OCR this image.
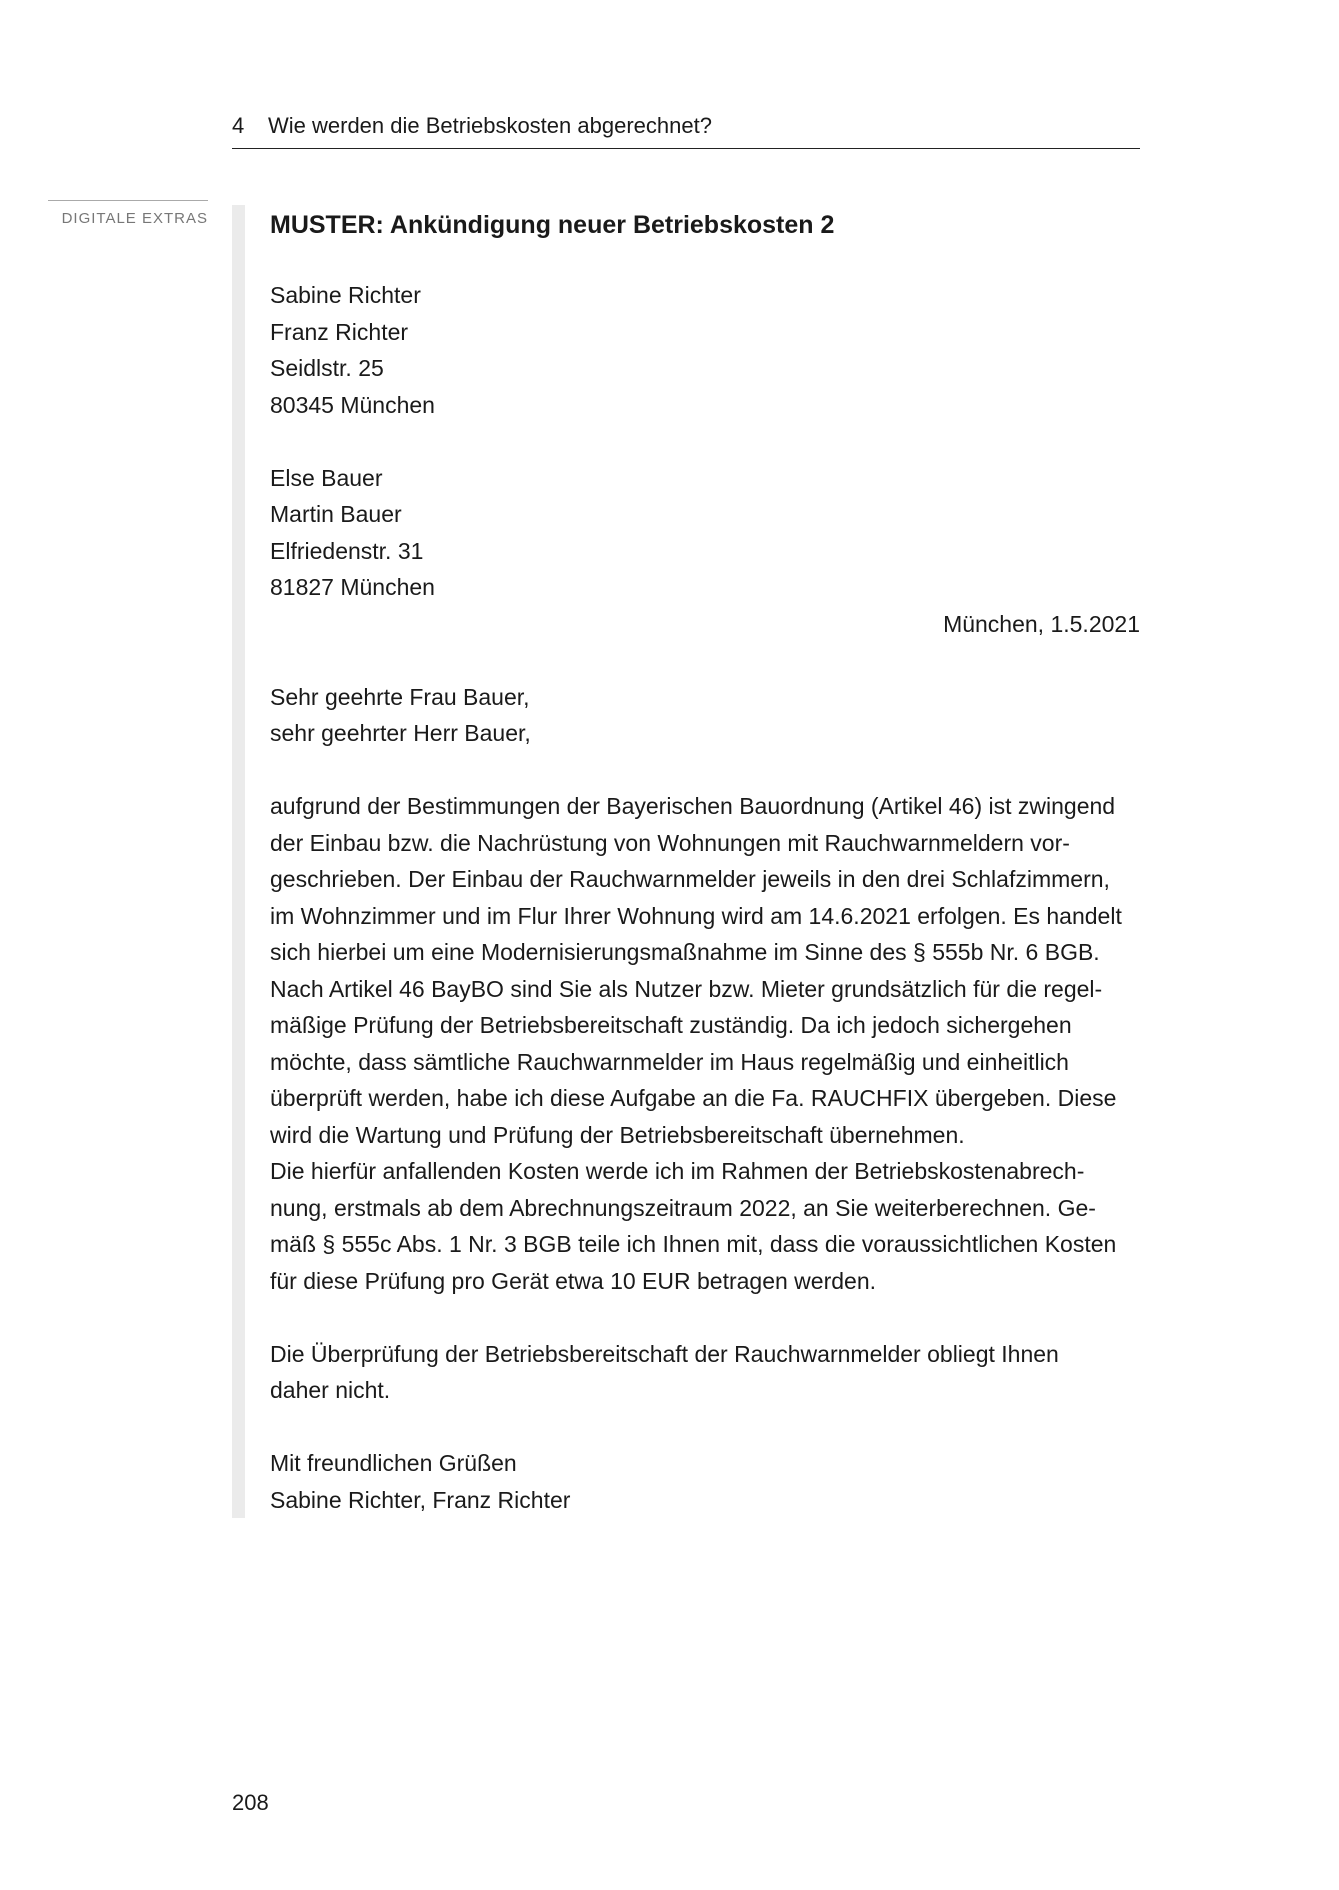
4 Wie werden die Betriebskosten abgerechnet?
DIGITALE EXTRAS MUSTER: Ankündigung neuer Betriebskosten 2
Sabine Richter
Franz Richter
Seidlstr. 25
80345 München
Else Bauer
Martin Bauer
Elfriedenstr. 31
81827 München
München, 1.5.2021
Sehr geehrte Frau Bauer,
sehr geehrter Herr Bauer,
aufgrund der Bestimmungen der Bayerischen Bauordnung (Artikel 46) ist zwingend
der Einbau bzw. die Nachrüstung von Wohnungen mit Rauchwarnmeldern vor-
geschrieben. Der Einbau der Rauchwarnmelder jeweils in den drei Schlafzimmern,
im Wohnzimmer und im Flur Ihrer Wohnung wird am 14.6.2021 erfolgen. Es handelt
sich hierbei um eine Modernisierungsmaßnahme im Sinne des § 555b Nr. 6 BGB.
Nach Artikel 46 BayBO sind Sie als Nutzer bzw. Mieter grundsätzlich für die regel-
mäßige Prüfung der Betriebsbereitschaft zuständig. Da ich jedoch sichergehen
möchte, dass sämtliche Rauchwarnmelder im Haus regelmäßig und einheitlich
überprüft werden, habe ich diese Aufgabe an die Fa. RAUCHFIX übergeben. Diese
wird die Wartung und Prüfung der Betriebsbereitschaft übernehmen.
Die hierfür anfallenden Kosten werde ich im Rahmen der Betriebskostenabrech-
nung, erstmals ab dem Abrechnungszeitraum 2022, an Sie weiterberechnen. Ge-
mäß § 555c Abs. 1 Nr. 3 BGB teile ich Ihnen mit, dass die voraussichtlichen Kosten
für diese Prüfung pro Gerät etwa 10 EUR betragen werden.
Die Überprüfung der Betriebsbereitschaft der Rauchwarnmelder obliegt Ihnen
daher nicht.
Mit freundlichen Grüßen
Sabine Richter, Franz Richter
208
